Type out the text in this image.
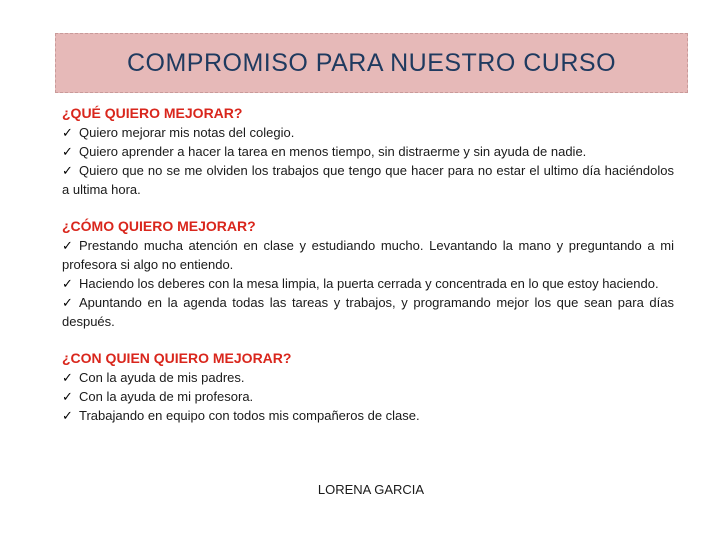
COMPROMISO PARA NUESTRO CURSO

¿QUÉ QUIERO MEJORAR?

✓ Quiero mejorar mis notas del colegio.

✓ Quiero aprender a hacer la tarea en menos tiempo, sin distraerme y sin ayuda de nadie.

✓ Quiero que no se me olviden los trabajos que tengo que hacer para no estar el ultimo día haciéndolos a ultima hora.

¿CÓMO QUIERO MEJORAR?

✓ Prestando mucha atención en clase y estudiando mucho. Levantando la mano y preguntando a mi profesora si algo no entiendo.

✓ Haciendo los deberes con la mesa limpia, la puerta cerrada y concentrada en lo que estoy haciendo.

✓ Apuntando en la agenda todas las tareas y trabajos, y programando mejor los que sean para días después.

¿CON QUIEN QUIERO MEJORAR?

✓ Con la ayuda de mis padres.

✓ Con la ayuda de mi profesora.

✓ Trabajando en equipo con todos mis compañeros de clase.

LORENA GARCIA
